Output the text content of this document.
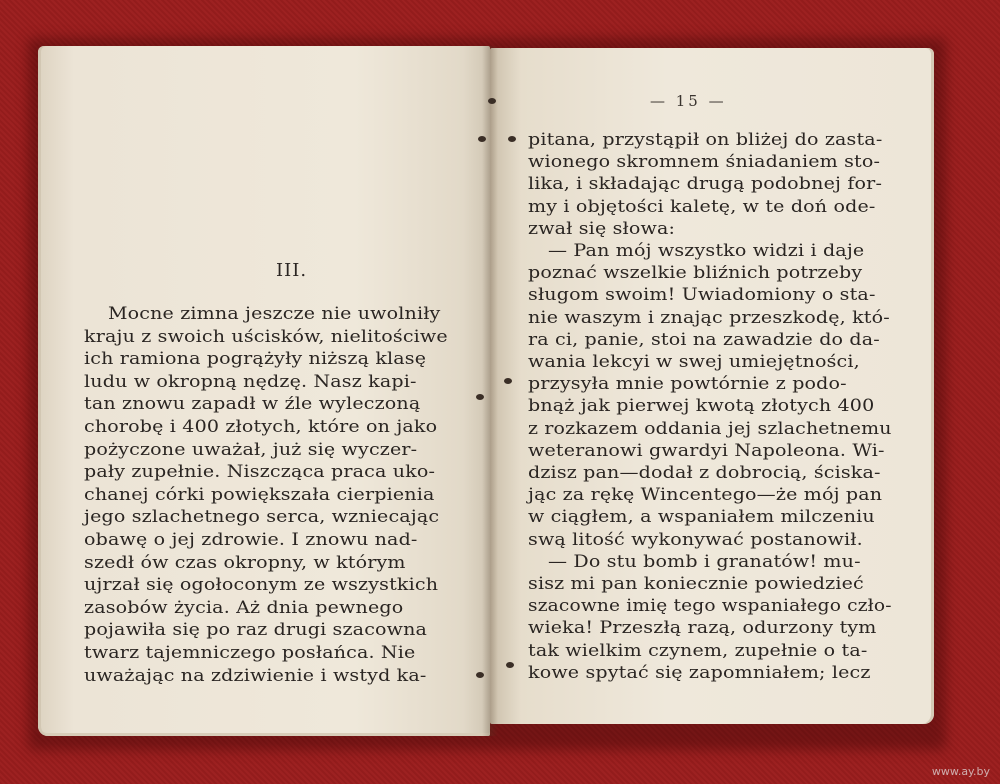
III.
Mocne zimna jeszcze nie uwolniły
kraju z swoich uścisków, nielitościwe
ich ramiona pogrążyły niższą klasę
ludu w okropną nędzę. Nasz kapi-
tan znowu zapadł w źle wyleczoną
chorobę i 400 złotych, które on jako
pożyczone uważał, już się wyczer-
pały zupełnie. Niszcząca praca uko-
chanej córki powiększała cierpienia
jego szlachetnego serca, wzniecając
obawę o jej zdrowie. I znowu nad-
szedł ów czas okropny, w którym
ujrzał się ogołoconym ze wszystkich
zasobów życia. Aż dnia pewnego
pojawiła się po raz drugi szacowna
twarz tajemniczego posłańca. Nie
uważając na zdziwienie i wstyd ka-
— 15 —
pitana, przystąpił on bliżej do zasta-
wionego skromnem śniadaniem sto-
lika, i składając drugą podobnej for-
my i objętości kaletę, w te doń ode-
zwał się słowa:
— Pan mój wszystko widzi i daje
poznać wszelkie bliźnich potrzeby
sługom swoim! Uwiadomiony o sta-
nie waszym i znając przeszkodę, któ-
ra ci, panie, stoi na zawadzie do da-
wania lekcyi w swej umiejętności,
przysyła mnie powtórnie z podo-
bnąż jak pierwej kwotą złotych 400
z rozkazem oddania jej szlachetnemu
weteranowi gwardyi Napoleona. Wi-
dzisz pan—dodał z dobrocią, ściska-
jąc za rękę Wincentego—że mój pan
w ciągłem, a wspaniałem milczeniu
swą litość wykonywać postanowił.
— Do stu bomb i granatów! mu-
sisz mi pan koniecznie powiedzieć
szacowne imię tego wspaniałego czło-
wieka! Przeszłą razą, odurzony tym
tak wielkim czynem, zupełnie o ta-
kowe spytać się zapomniałem; lecz
www.ay.by
